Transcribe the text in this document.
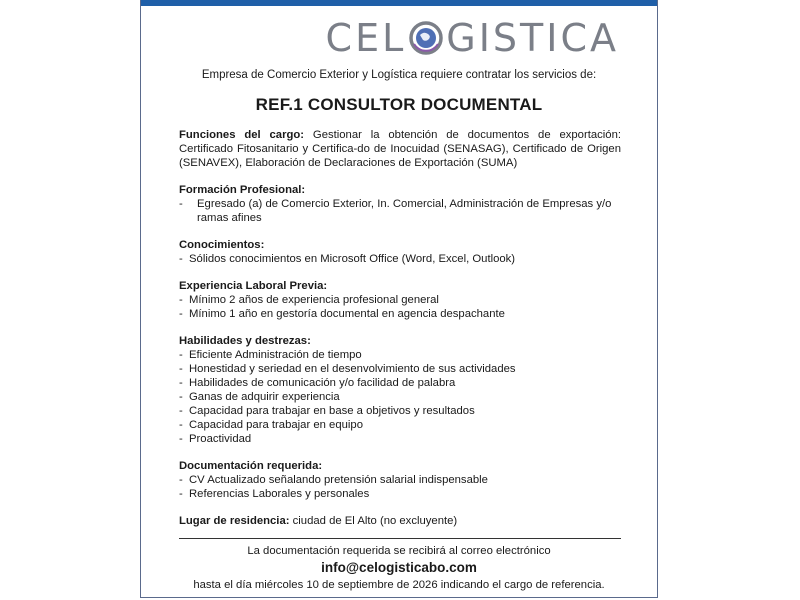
CEL GISTICA
Empresa de Comercio Exterior y Logística requiere contratar los servicios de:
REF.1 CONSULTOR DOCUMENTAL
Funciones del cargo: Gestionar la obtención de documentos de exportación: Certificado Fitosanitario y Certifica-do de Inocuidad (SENASAG), Certificado de Origen (SENAVEX), Elaboración de Declaraciones de Exportación (SUMA)
Formación Profesional:
- Egresado (a) de Comercio Exterior, In. Comercial, Administración de Empresas y/o ramas afines
Conocimientos:
- Sólidos conocimientos en Microsoft Office (Word, Excel, Outlook)
Experiencia Laboral Previa:
- Mínimo 2 años de experiencia profesional general
- Mínimo 1 año en gestoría documental en agencia despachante
Habilidades y destrezas:
- Eficiente Administración de tiempo
- Honestidad y seriedad en el desenvolvimiento de sus actividades
- Habilidades de comunicación y/o facilidad de palabra
- Ganas de adquirir experiencia
- Capacidad para trabajar en base a objetivos y resultados
- Capacidad para trabajar en equipo
- Proactividad
Documentación requerida:
- CV Actualizado señalando pretensión salarial indispensable
- Referencias Laborales y personales
Lugar de residencia: ciudad de El Alto (no excluyente)
La documentación requerida se recibirá al correo electrónico
info@celogisticabo.com
hasta el día miércoles 10 de septiembre de 2026 indicando el cargo de referencia.
